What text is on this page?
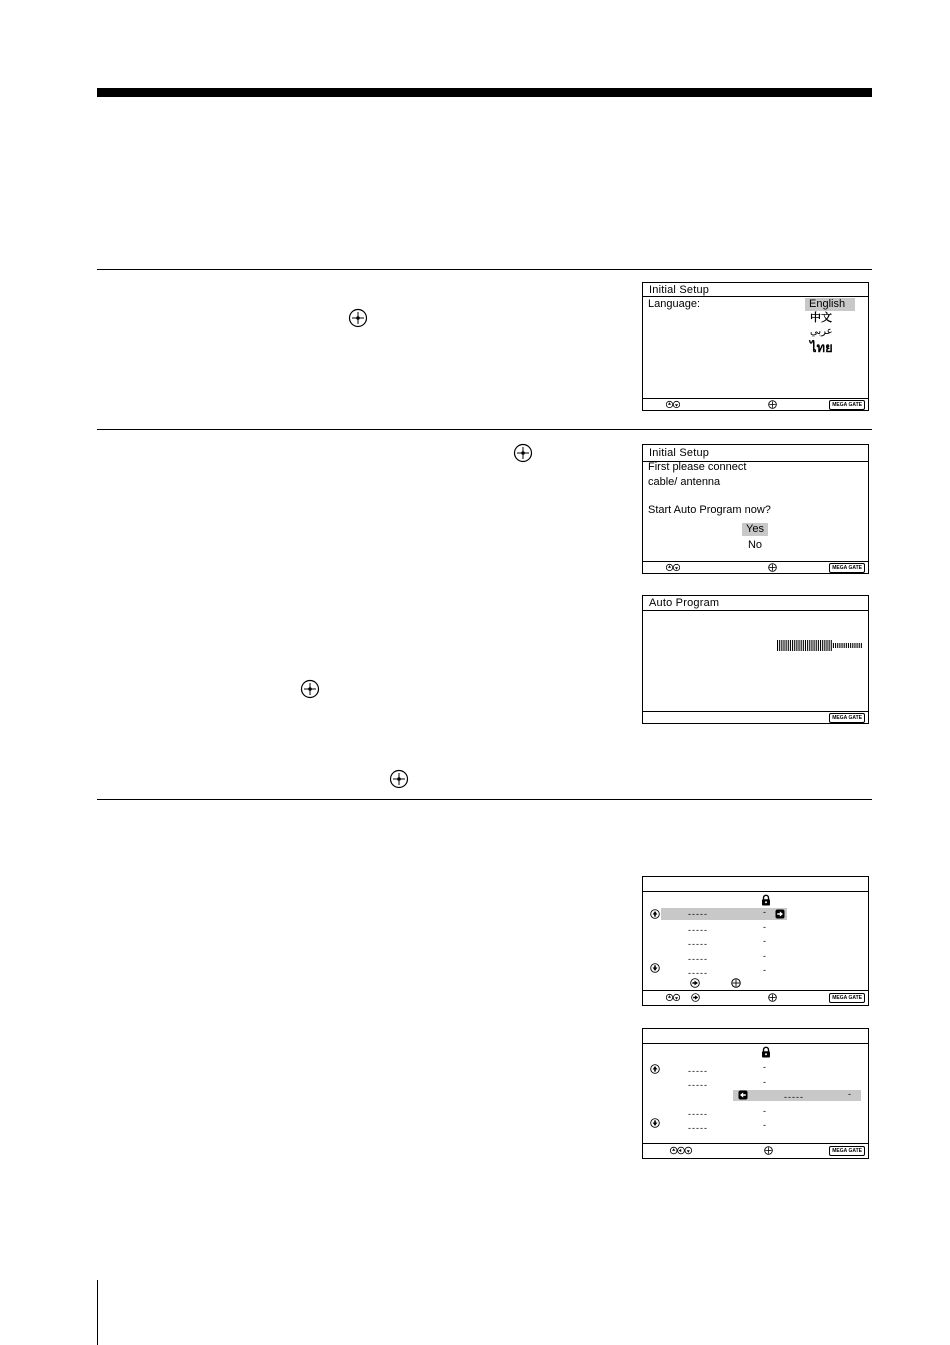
Initial Setup
Language:	English
中文
عربي
ไทย
MEGA GATE
Initial Setup
First please connect
cable/ antenna
Start Auto Program now?
Yes
No
MEGA GATE
Auto Program
MEGA GATE
-----
-----
-----
-----
-----
-
-
-
-
-
MEGA GATE
-----
-----
-----
-----
-
-
-
-
-----	-
MEGA GATE
